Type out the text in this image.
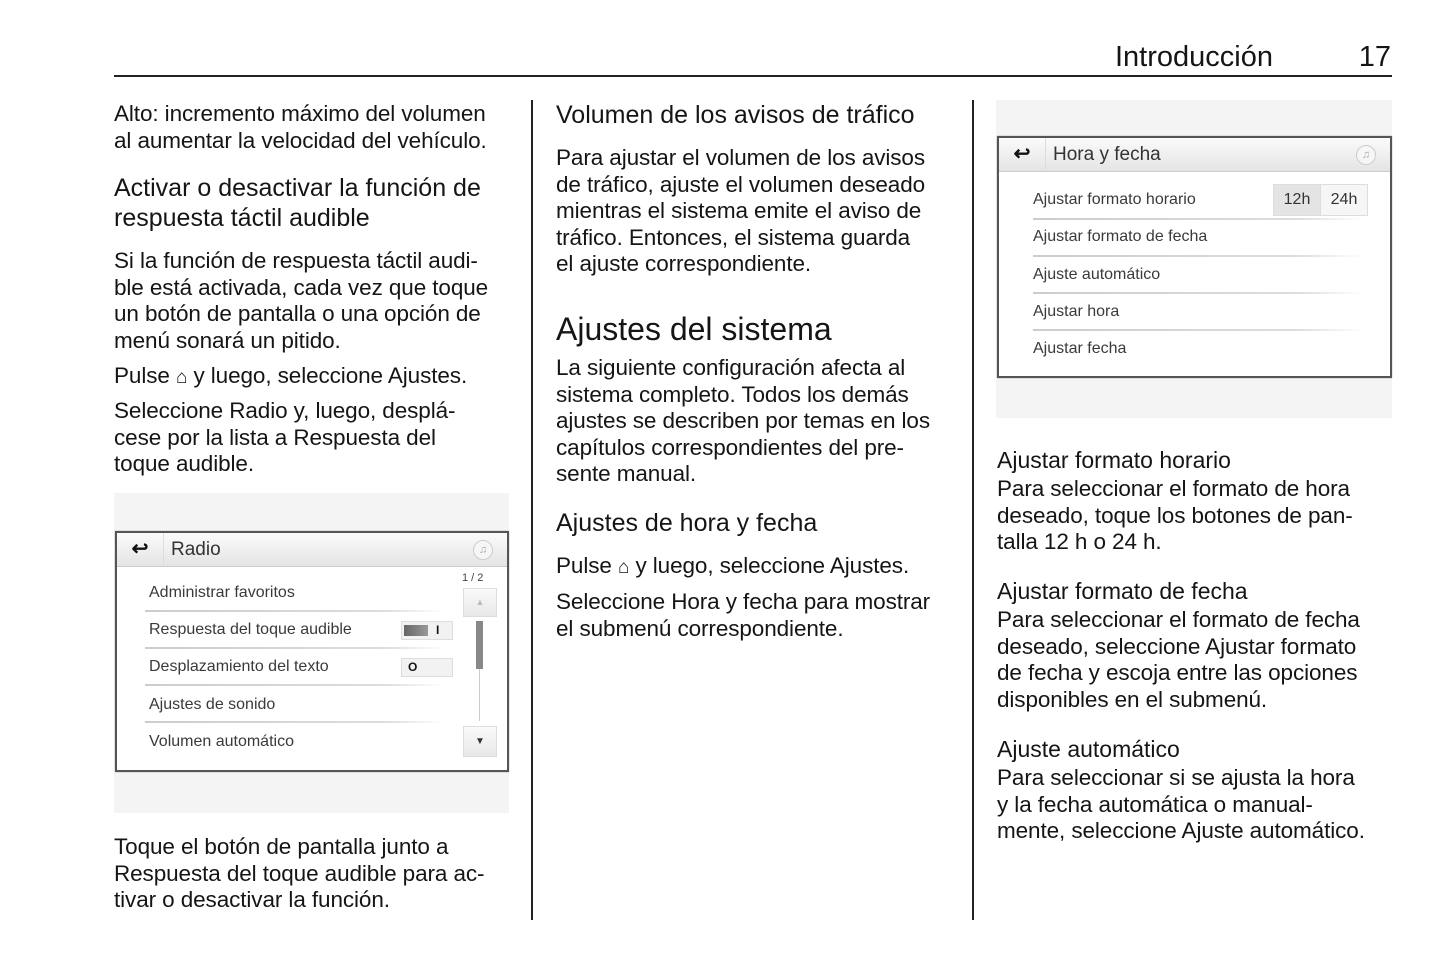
Introducción	17
Alto: incremento máximo del volumen
al aumentar la velocidad del vehículo.
Activar o desactivar la función de
respuesta táctil audible
Si la función de respuesta táctil audi-
ble está activada, cada vez que toque
un botón de pantalla o una opción de
menú sonará un pitido.
Pulse ⌂ y luego, seleccione Ajustes.
Seleccione Radio y, luego, desplá-
cese por la lista a Respuesta del
toque audible.
↩	Radio	♫
Administrar favoritos
Respuesta del toque audible	I
Desplazamiento del texto	O
Ajustes de sonido
Volumen automático
1 / 2
▲
▼
Toque el botón de pantalla junto a
Respuesta del toque audible para ac-
tivar o desactivar la función.
Volumen de los avisos de tráfico
Para ajustar el volumen de los avisos
de tráfico, ajuste el volumen deseado
mientras el sistema emite el aviso de
tráfico. Entonces, el sistema guarda
el ajuste correspondiente.
Ajustes del sistema
La siguiente configuración afecta al
sistema completo. Todos los demás
ajustes se describen por temas en los
capítulos correspondientes del pre-
sente manual.
Ajustes de hora y fecha
Pulse ⌂ y luego, seleccione Ajustes.
Seleccione Hora y fecha para mostrar
el submenú correspondiente.
↩	Hora y fecha	♫
Ajustar formato horario	12h	24h
Ajustar formato de fecha
Ajuste automático
Ajustar hora
Ajustar fecha
Ajustar formato horario
Para seleccionar el formato de hora
deseado, toque los botones de pan-
talla 12 h o 24 h.
Ajustar formato de fecha
Para seleccionar el formato de fecha
deseado, seleccione Ajustar formato
de fecha y escoja entre las opciones
disponibles en el submenú.
Ajuste automático
Para seleccionar si se ajusta la hora
y la fecha automática o manual-
mente, seleccione Ajuste automático.
